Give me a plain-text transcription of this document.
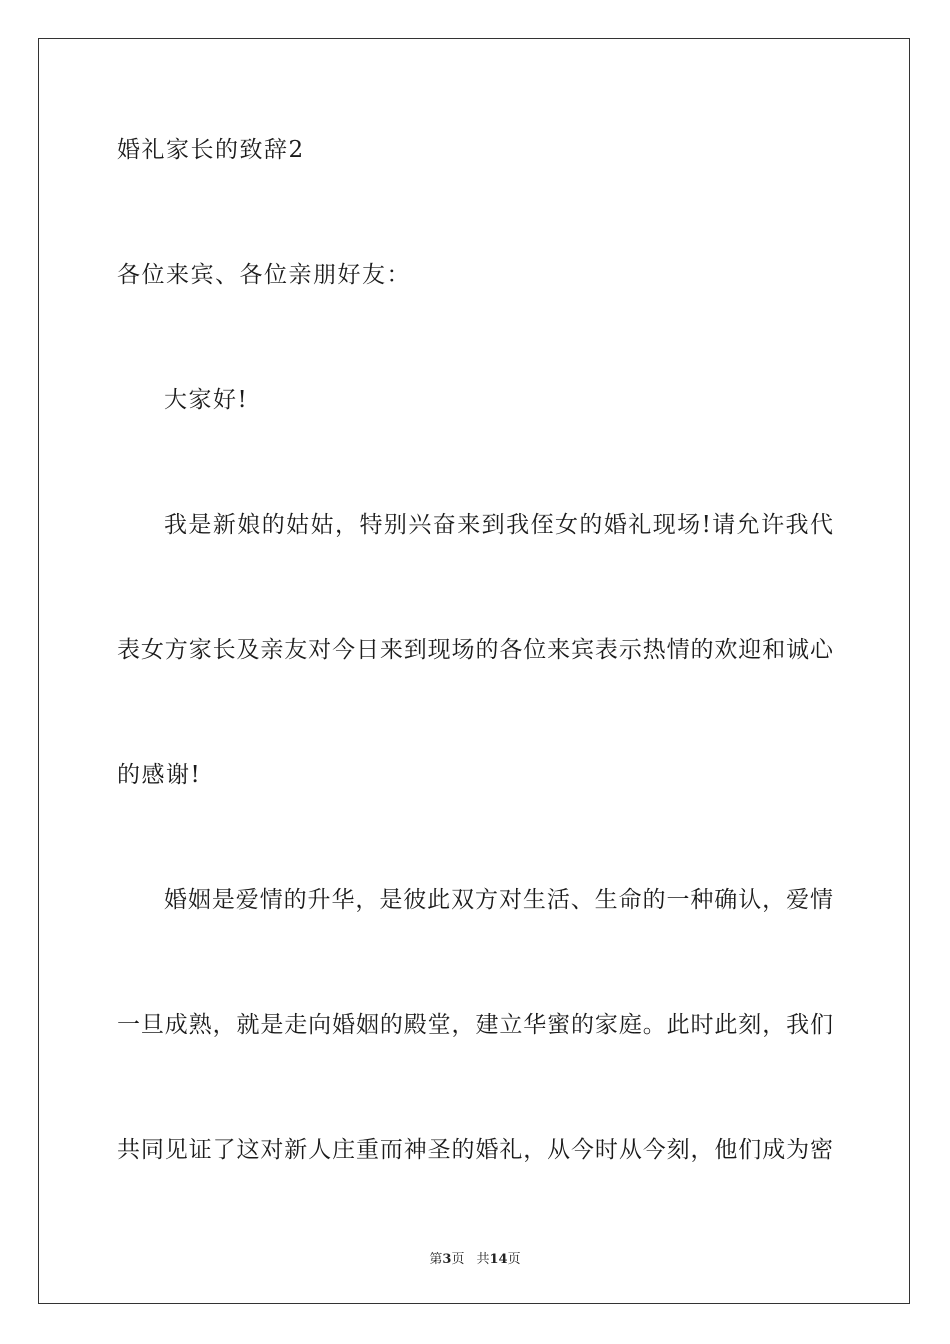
婚礼家长的致辞2
各位来宾、各位亲朋好友：
大家好!
我是新娘的姑姑，特别兴奋来到我侄女的婚礼现场!请允许我代
表女方家长及亲友对今日来到现场的各位来宾表示热情的欢迎和诚心
的感谢!
婚姻是爱情的升华，是彼此双方对生活、生命的一种确认，爱情
一旦成熟，就是走向婚姻的殿堂，建立华蜜的家庭。此时此刻，我们
共同见证了这对新人庄重而神圣的婚礼，从今时从今刻，他们成为密
第3页 共14页
